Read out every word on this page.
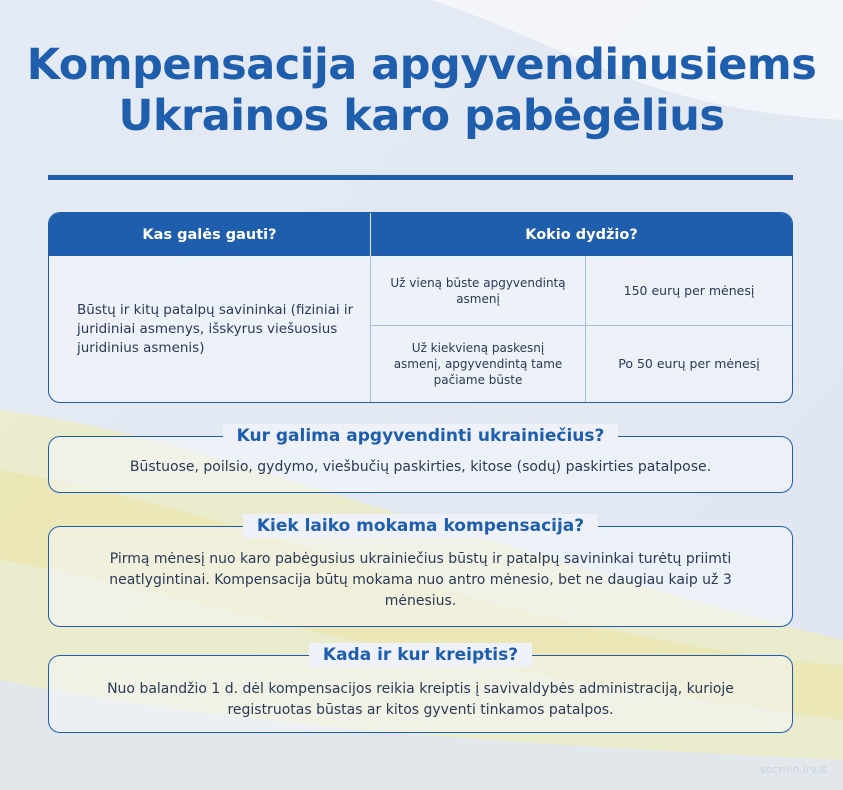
Kompensacija apgyvendinusiems
Ukrainos karo pabėgėlius
Kas galės gauti?	Kokio dydžio?
Būstų ir kitų patalpų savininkai (fiziniai ir juridiniai asmenys, išskyrus viešuosius juridinius asmenis)
Už vieną būste apgyvendintą asmenį
150 eurų per mėnesį
Už kiekvieną paskesnį asmenį, apgyvendintą tame pačiame būste
Po 50 eurų per mėnesį
Kur galima apgyvendinti ukrainiečius?
Būstuose, poilsio, gydymo, viešbučių paskirties, kitose (sodų) paskirties patalpose.
Kiek laiko mokama kompensacija?
Pirmą mėnesį nuo karo pabėgusius ukrainiečius būstų ir patalpų savininkai turėtų priimti neatlygintinai. Kompensacija būtų mokama nuo antro mėnesio, bet ne daugiau kaip už 3 mėnesius.
Kada ir kur kreiptis?
Nuo balandžio 1 d. dėl kompensacijos reikia kreiptis į savivaldybės administraciją, kurioje registruotas būstas ar kitos gyventi tinkamos patalpos.
socmin.lrv.lt
